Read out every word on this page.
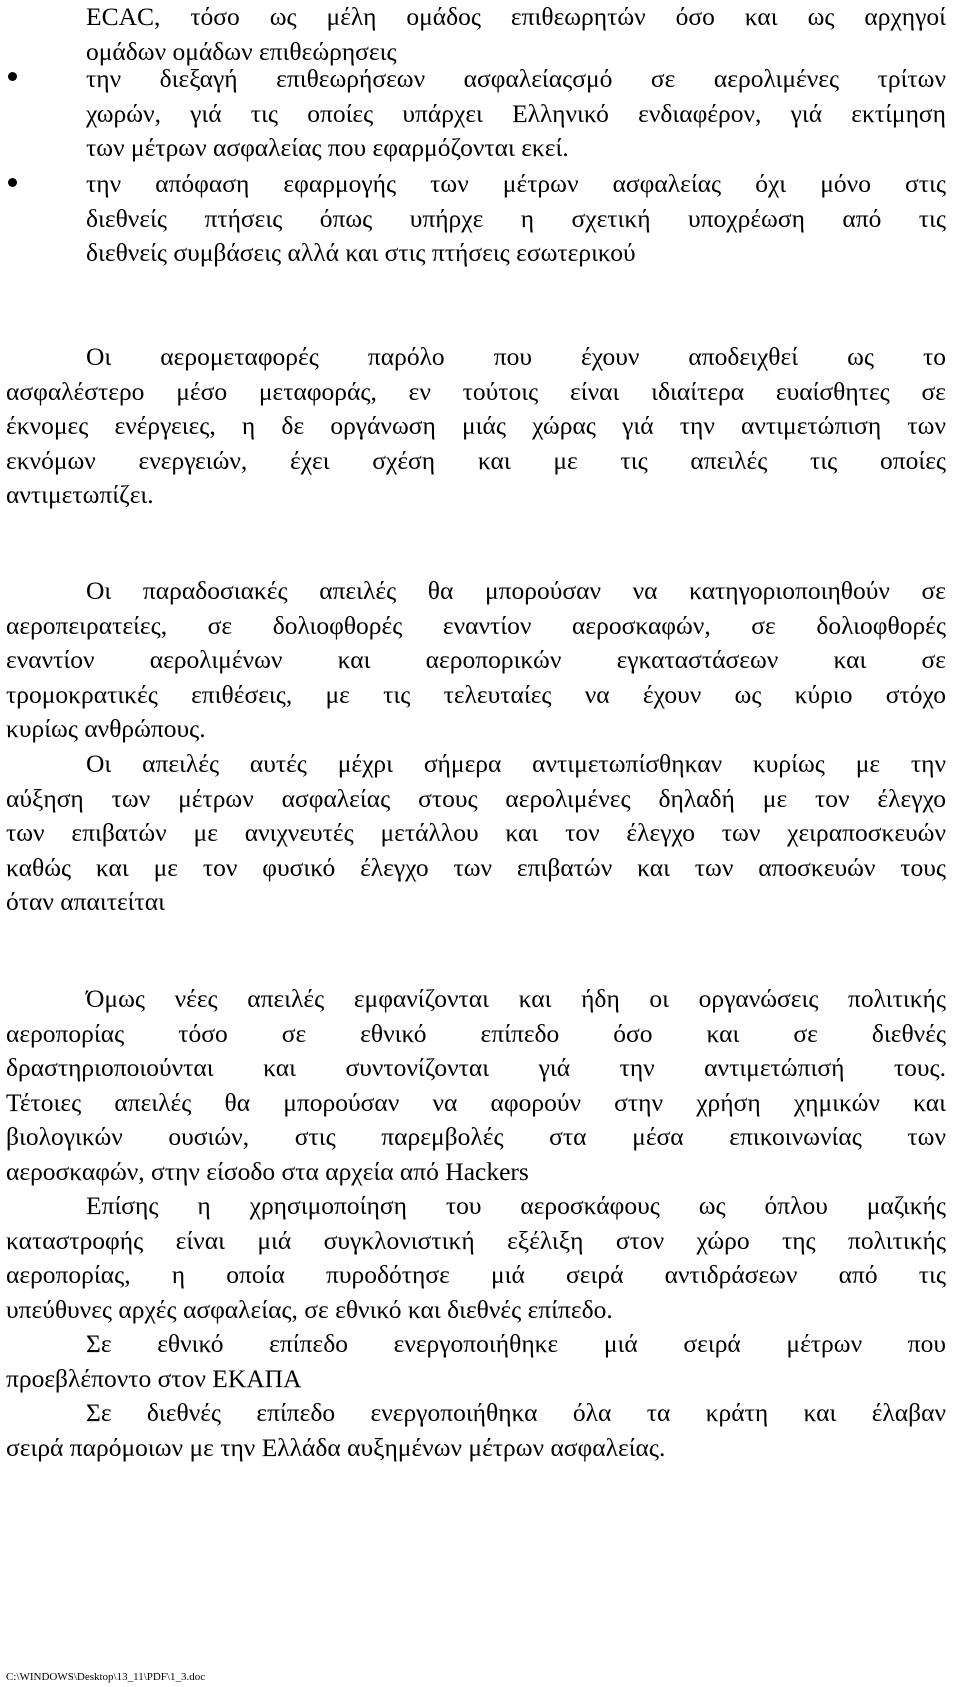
ECAC, τόσο ως μέλη ομάδος επιθεωρητών όσο και ως αρχηγοί
ομάδων ομάδων επιθεώρησεις
την διεξαγή επιθεωρήσεων ασφαλείαςσμό σε αερολιμένες τρίτων
χωρών, γιά τις οποίες υπάρχει Ελληνικό ενδιαφέρον, γιά εκτίμηση
των μέτρων ασφαλείας που εφαρμόζονται εκεί.
την απόφαση εφαρμογής των μέτρων ασφαλείας όχι μόνο στις
διεθνείς πτήσεις όπως υπήρχε η σχετική υποχρέωση από τις
διεθνείς συμβάσεις αλλά και στις πτήσεις εσωτερικού
Οι αερομεταφορές παρόλο που έχουν αποδειχθεί ως το
ασφαλέστερο μέσο μεταφοράς, εν τούτοις είναι ιδιαίτερα ευαίσθητες σε
έκνομες ενέργειες, η δε οργάνωση μιάς χώρας γιά την αντιμετώπιση των
εκνόμων ενεργειών, έχει σχέση και με τις απειλές τις οποίες
αντιμετωπίζει.
Οι παραδοσιακές απειλές θα μπορούσαν να κατηγοριοποιηθούν σε
αεροπειρατείες, σε δολιοφθορές εναντίον αεροσκαφών, σε δολιοφθορές
εναντίον αερολιμένων και αεροπορικών εγκαταστάσεων και σε
τρομοκρατικές επιθέσεις, με τις τελευταίες να έχουν ως κύριο στόχο
κυρίως ανθρώπους.
Οι απειλές αυτές μέχρι σήμερα αντιμετωπίσθηκαν κυρίως με την
αύξηση των μέτρων ασφαλείας στους αερολιμένες δηλαδή με τον έλεγχο
των επιβατών με ανιχνευτές μετάλλου και τον έλεγχο των χειραποσκευών
καθώς και με τον φυσικό έλεγχο των επιβατών και των αποσκευών τους
όταν απαιτείται
Όμως νέες απειλές εμφανίζονται και ήδη οι οργανώσεις πολιτικής
αεροπορίας τόσο σε εθνικό επίπεδο όσο και σε διεθνές
δραστηριοποιούνται και συντονίζονται γιά την αντιμετώπισή τους.
Τέτοιες απειλές θα μπορούσαν να αφορούν στην χρήση χημικών και
βιολογικών ουσιών, στις παρεμβολές στα μέσα επικοινωνίας των
αεροσκαφών, στην είσοδο στα αρχεία από Hackers
Επίσης η χρησιμοποίηση του αεροσκάφους ως όπλου μαζικής
καταστροφής είναι μιά συγκλονιστική εξέλιξη στον χώρο της πολιτικής
αεροπορίας, η οποία πυροδότησε μιά σειρά αντιδράσεων από τις
υπεύθυνες αρχές ασφαλείας, σε εθνικό και διεθνές επίπεδο.
Σε εθνικό επίπεδο ενεργοποιήθηκε μιά σειρά μέτρων που
προεβλέποντο στον ΕΚΑΠΑ
Σε διεθνές επίπεδο ενεργοποιήθηκα όλα τα κράτη και έλαβαν
σειρά παρόμοιων με την Ελλάδα αυξημένων μέτρων ασφαλείας.
C:\WINDOWS\Desktop\13_11\PDF\1_3.doc
